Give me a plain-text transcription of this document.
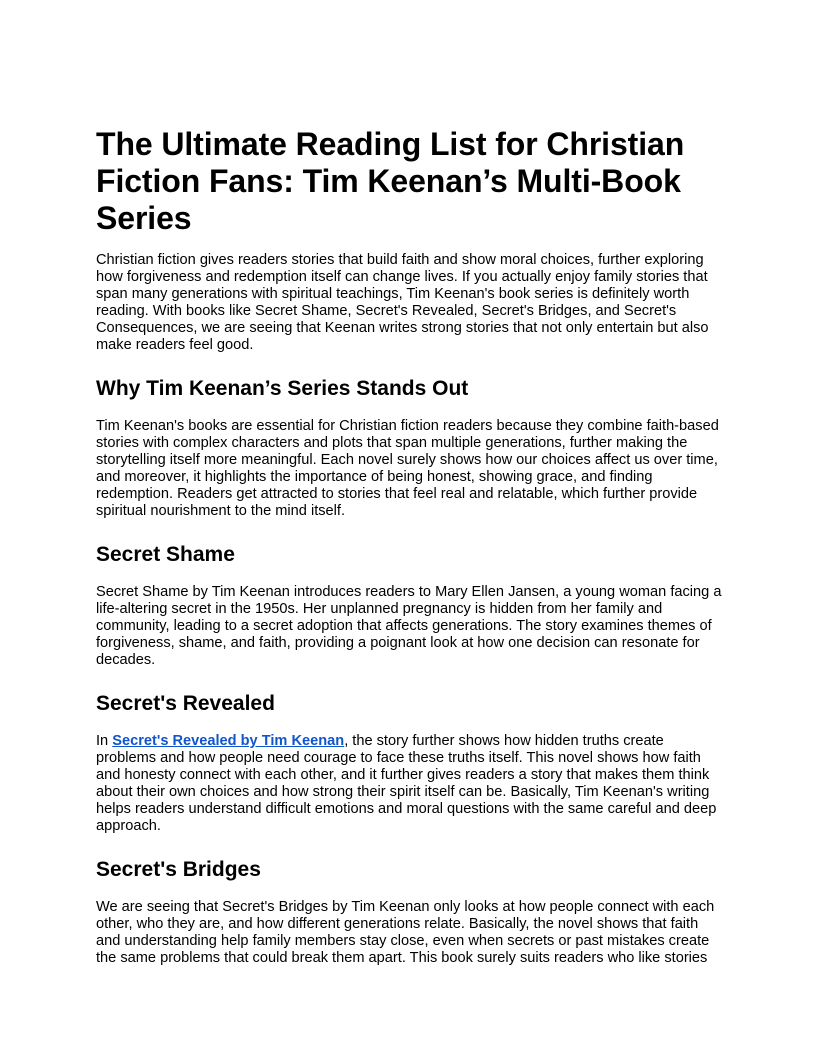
The Ultimate Reading List for Christian Fiction Fans: Tim Keenan’s Multi-Book Series

Christian fiction gives readers stories that build faith and show moral choices, further exploring how forgiveness and redemption itself can change lives. If you actually enjoy family stories that span many generations with spiritual teachings, Tim Keenan's book series is definitely worth reading. With books like Secret Shame, Secret's Revealed, Secret's Bridges, and Secret's Consequences, we are seeing that Keenan writes strong stories that not only entertain but also make readers feel good.

Why Tim Keenan’s Series Stands Out

Tim Keenan's books are essential for Christian fiction readers because they combine faith-based stories with complex characters and plots that span multiple generations, further making the storytelling itself more meaningful. Each novel surely shows how our choices affect us over time, and moreover, it highlights the importance of being honest, showing grace, and finding redemption. Readers get attracted to stories that feel real and relatable, which further provide spiritual nourishment to the mind itself.

Secret Shame

Secret Shame by Tim Keenan introduces readers to Mary Ellen Jansen, a young woman facing a life-altering secret in the 1950s. Her unplanned pregnancy is hidden from her family and community, leading to a secret adoption that affects generations. The story examines themes of forgiveness, shame, and faith, providing a poignant look at how one decision can resonate for decades.

Secret's Revealed

In Secret's Revealed by Tim Keenan, the story further shows how hidden truths create problems and how people need courage to face these truths itself. This novel shows how faith and honesty connect with each other, and it further gives readers a story that makes them think about their own choices and how strong their spirit itself can be. Basically, Tim Keenan's writing helps readers understand difficult emotions and moral questions with the same careful and deep approach.

Secret's Bridges

We are seeing that Secret's Bridges by Tim Keenan only looks at how people connect with each other, who they are, and how different generations relate. Basically, the novel shows that faith and understanding help family members stay close, even when secrets or past mistakes create the same problems that could break them apart. This book surely suits readers who like stories
